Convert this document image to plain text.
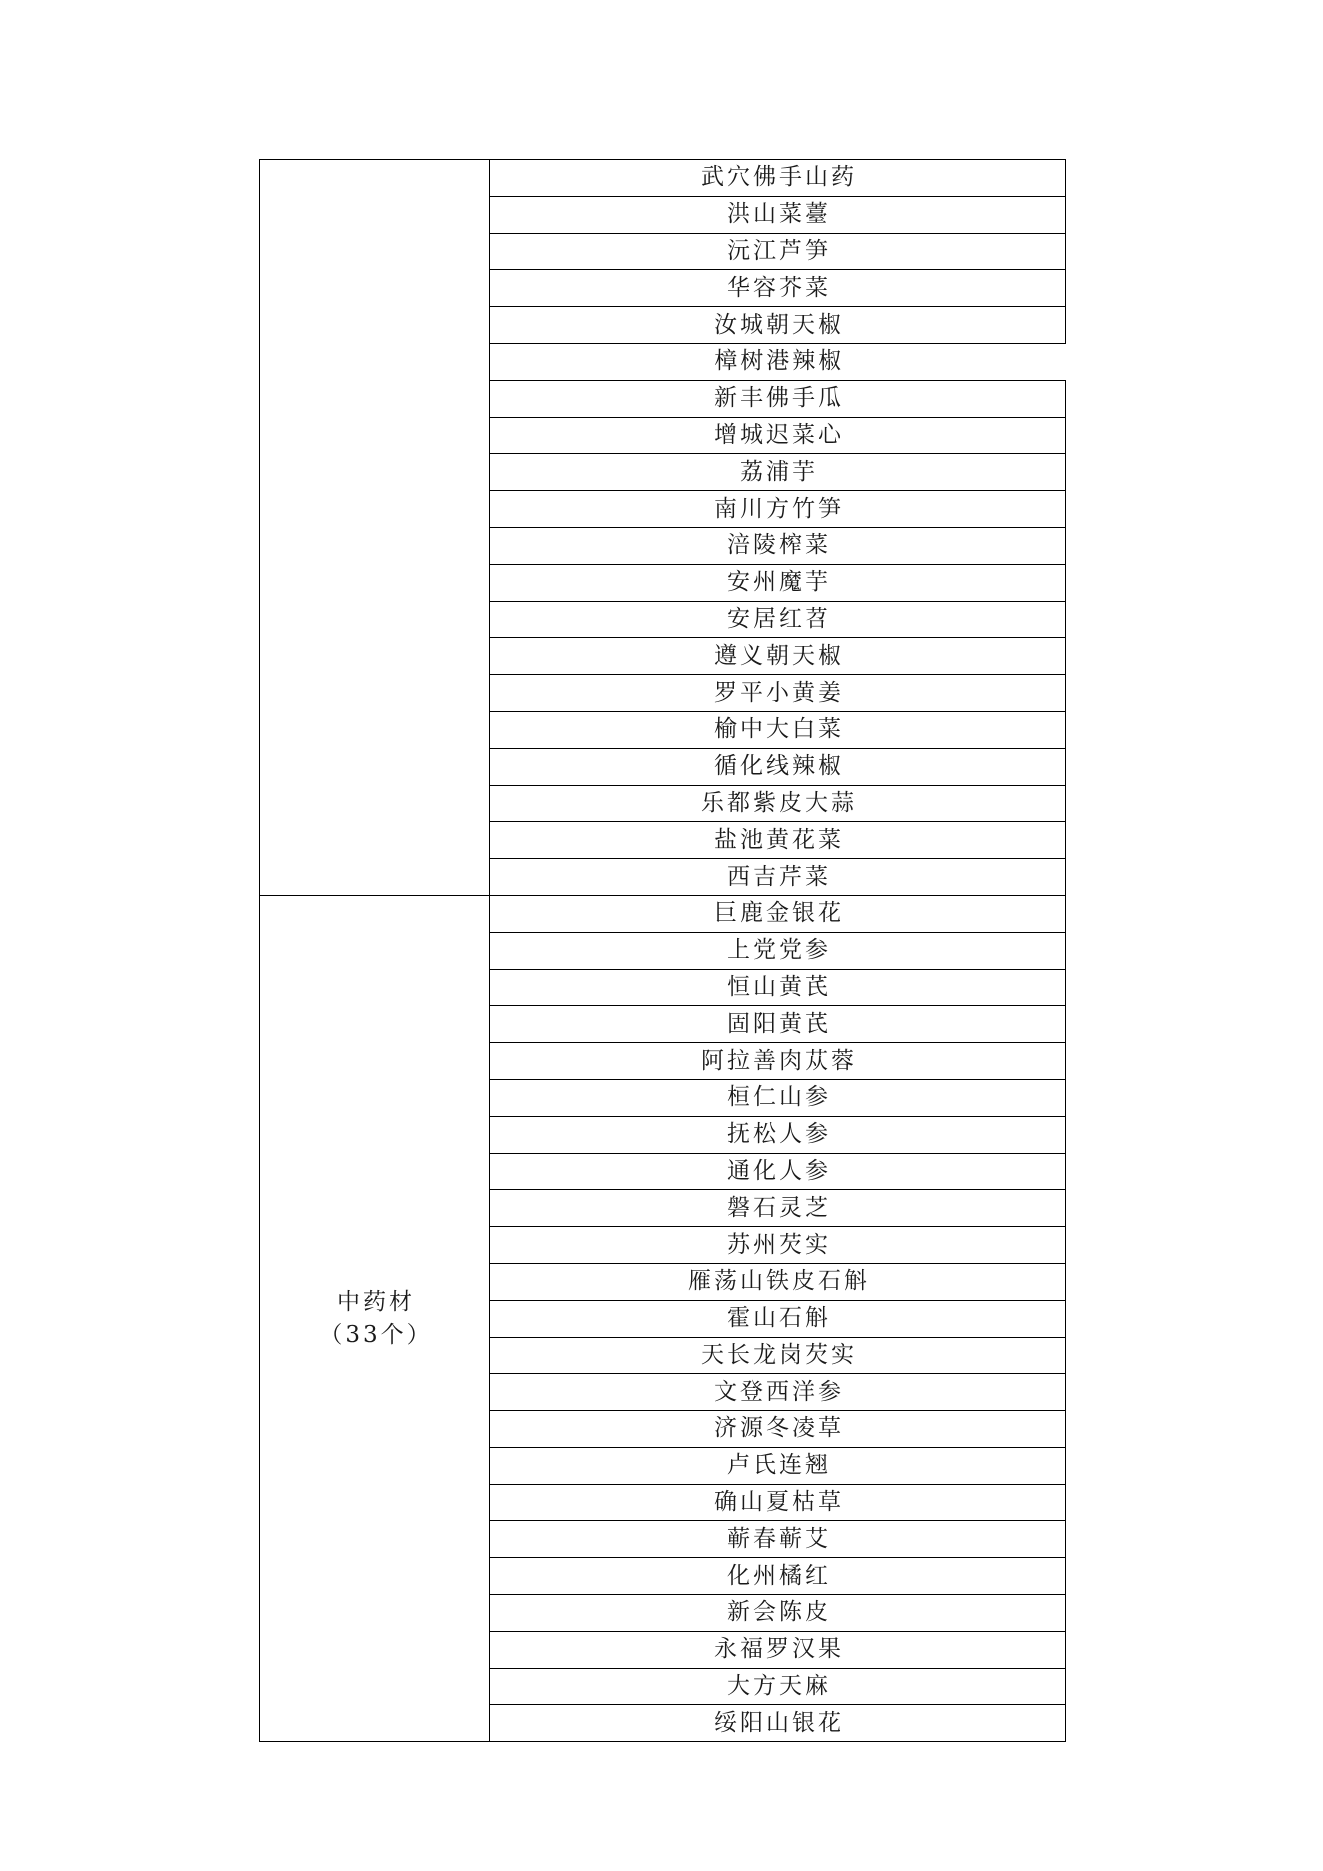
	武穴佛手山药
	洪山菜薹
	沅江芦笋
	华容芥菜
	汝城朝天椒
	樟树港辣椒
	新丰佛手瓜
	增城迟菜心
	荔浦芋
	南川方竹笋
	涪陵榨菜
	安州魔芋
	安居红苕
	遵义朝天椒
	罗平小黄姜
	榆中大白菜
	循化线辣椒
	乐都紫皮大蒜
	盐池黄花菜
	西吉芹菜

中药材
（33个）	巨鹿金银花
	上党党参
	恒山黄芪
	固阳黄芪
	阿拉善肉苁蓉
	桓仁山参
	抚松人参
	通化人参
	磐石灵芝
	苏州芡实
	雁荡山铁皮石斛
	霍山石斛
	天长龙岗芡实
	文登西洋参
	济源冬凌草
	卢氏连翘
	确山夏枯草
	蕲春蕲艾
	化州橘红
	新会陈皮
	永福罗汉果
	大方天麻
	绥阳山银花
